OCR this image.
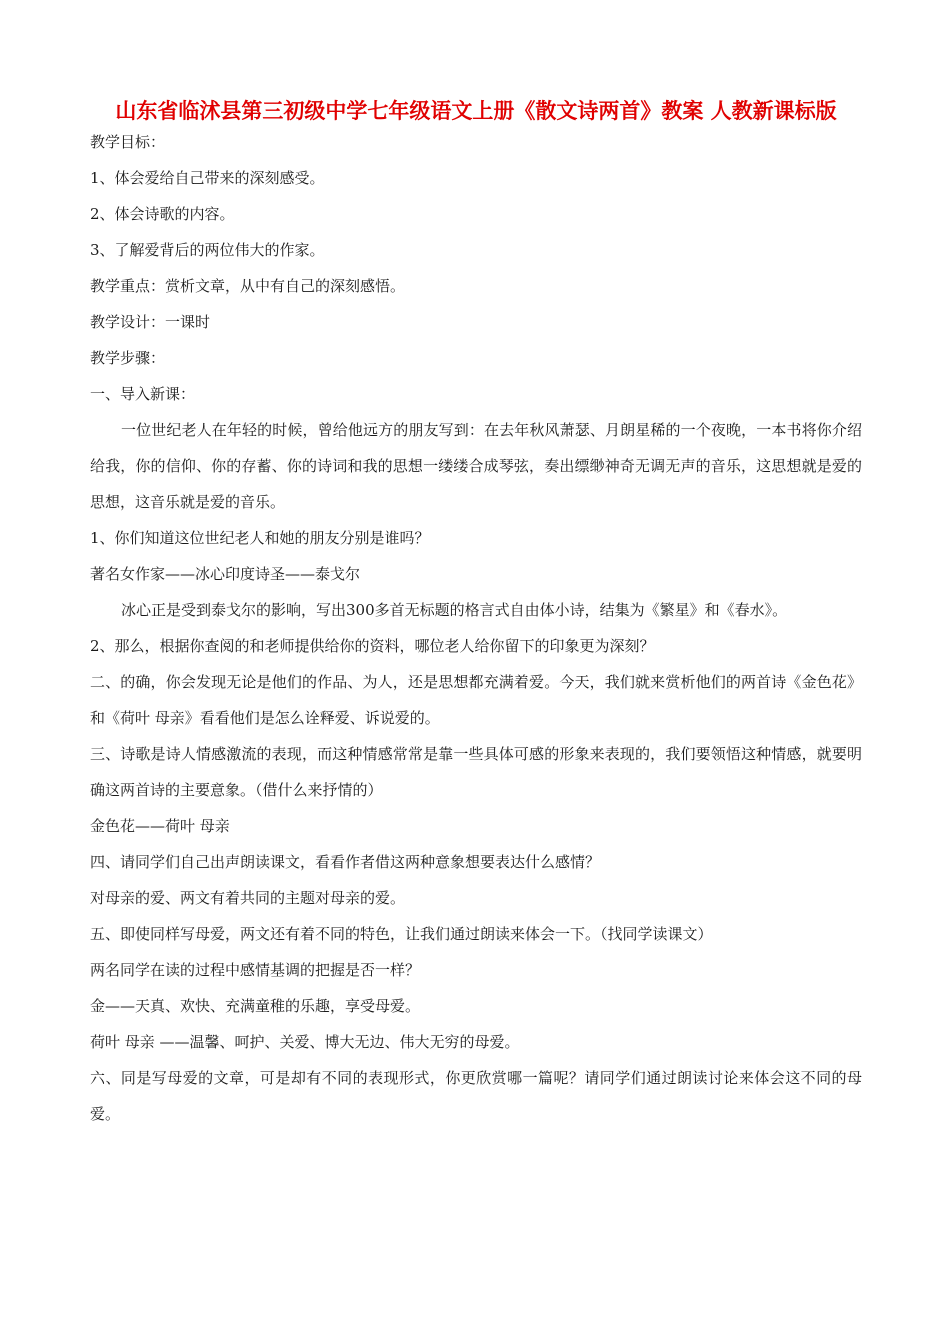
山东省临沭县第三初级中学七年级语文上册《散文诗两首》教案 人教新课标版
教学目标：
1、体会爱给自己带来的深刻感受。
2、体会诗歌的内容。
3、了解爱背后的两位伟大的作家。
教学重点：赏析文章，从中有自己的深刻感悟。
教学设计：一课时
教学步骤：
一、导入新课：
一位世纪老人在年轻的时候，曾给他远方的朋友写到：在去年秋风萧瑟、月朗星稀的一个夜晚，一本书将你介绍给我，你的信仰、你的存蓄、你的诗词和我的思想一缕缕合成琴弦，奏出缥缈神奇无调无声的音乐，这思想就是爱的思想，这音乐就是爱的音乐。
1、你们知道这位世纪老人和她的朋友分别是谁吗？
著名女作家——冰心印度诗圣——泰戈尔
冰心正是受到泰戈尔的影响，写出300多首无标题的格言式自由体小诗，结集为《繁星》和《春水》。
2、那么，根据你查阅的和老师提供给你的资料，哪位老人给你留下的印象更为深刻？
二、的确，你会发现无论是他们的作品、为人，还是思想都充满着爱。今天，我们就来赏析他们的两首诗《金色花》和《荷叶 母亲》看看他们是怎么诠释爱、诉说爱的。
三、诗歌是诗人情感激流的表现，而这种情感常常是靠一些具体可感的形象来表现的，我们要领悟这种情感，就要明确这两首诗的主要意象。（借什么来抒情的）
金色花——荷叶 母亲
四、请同学们自己出声朗读课文，看看作者借这两种意象想要表达什么感情？
对母亲的爱、两文有着共同的主题对母亲的爱。
五、即使同样写母爱，两文还有着不同的特色，让我们通过朗读来体会一下。（找同学读课文）
两名同学在读的过程中感情基调的把握是否一样？
金——天真、欢快、充满童稚的乐趣，享受母爱。
荷叶 母亲 ——温馨、呵护、关爱、博大无边、伟大无穷的母爱。
六、同是写母爱的文章，可是却有不同的表现形式，你更欣赏哪一篇呢？请同学们通过朗读讨论来体会这不同的母爱。
